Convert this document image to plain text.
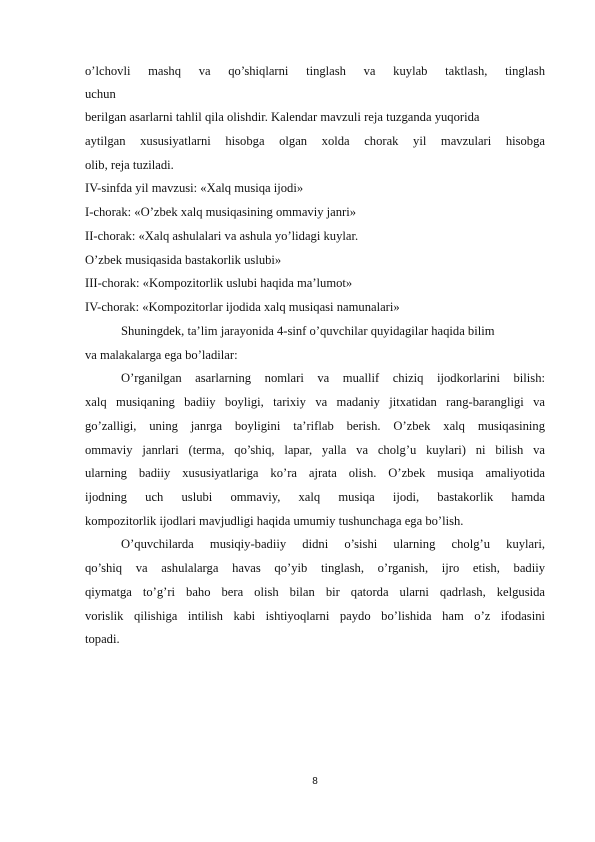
o’lchovli mashq va qo’shiqlarni tinglash va kuylab taktlash, tinglash
uchun
berilgan asarlarni tahlil qila olishdir. Kalendar mavzuli reja tuzganda yuqorida
aytilgan xususiyatlarni hisobga olgan xolda chorak yil mavzulari hisobga
olib, reja tuziladi.
IV-sinfda yil mavzusi: «Xalq musiqa ijodi»
I-chorak: «O’zbek xalq musiqasining ommaviy janri»
II-chorak: «Xalq ashulalari va ashula yo’lidagi kuylar.
O’zbek musiqasida bastakorlik uslubi»
III-chorak: «Kompozitorlik uslubi haqida ma’lumot»
IV-chorak: «Kompozitorlar ijodida xalq musiqasi namunalari»
Shuningdek, ta’lim jarayonida 4-sinf o’quvchilar quyidagilar haqida bilim
va malakalarga ega bo’ladilar:
O’rganilgan asarlarning nomlari va muallif chiziq ijodkorlarini bilish:
xalq musiqaning badiiy boyligi, tarixiy va madaniy jitxatidan rang-barangligi va
go’zalligi, uning janrga boyligini ta’riflab berish. O’zbek xalq musiqasining
ommaviy janrlari (terma, qo’shiq, lapar, yalla va cholg’u kuylari) ni bilish va
ularning badiiy xususiyatlariga ko’ra ajrata olish. O’zbek musiqa amaliyotida
ijodning uch uslubi ommaviy, xalq musiqa ijodi, bastakorlik hamda
kompozitorlik ijodlari mavjudligi haqida umumiy tushunchaga ega bo’lish.
O’quvchilarda musiqiy-badiiy didni o’sishi ularning cholg’u kuylari,
qo’shiq va ashulalarga havas qo’yib tinglash, o’rganish, ijro etish, badiiy
qiymatga to’g’ri baho bera olish bilan bir qatorda ularni qadrlash, kelgusida
vorislik qilishiga intilish kabi ishtiyoqlarni paydo bo’lishida ham o’z ifodasini
topadi.
8
